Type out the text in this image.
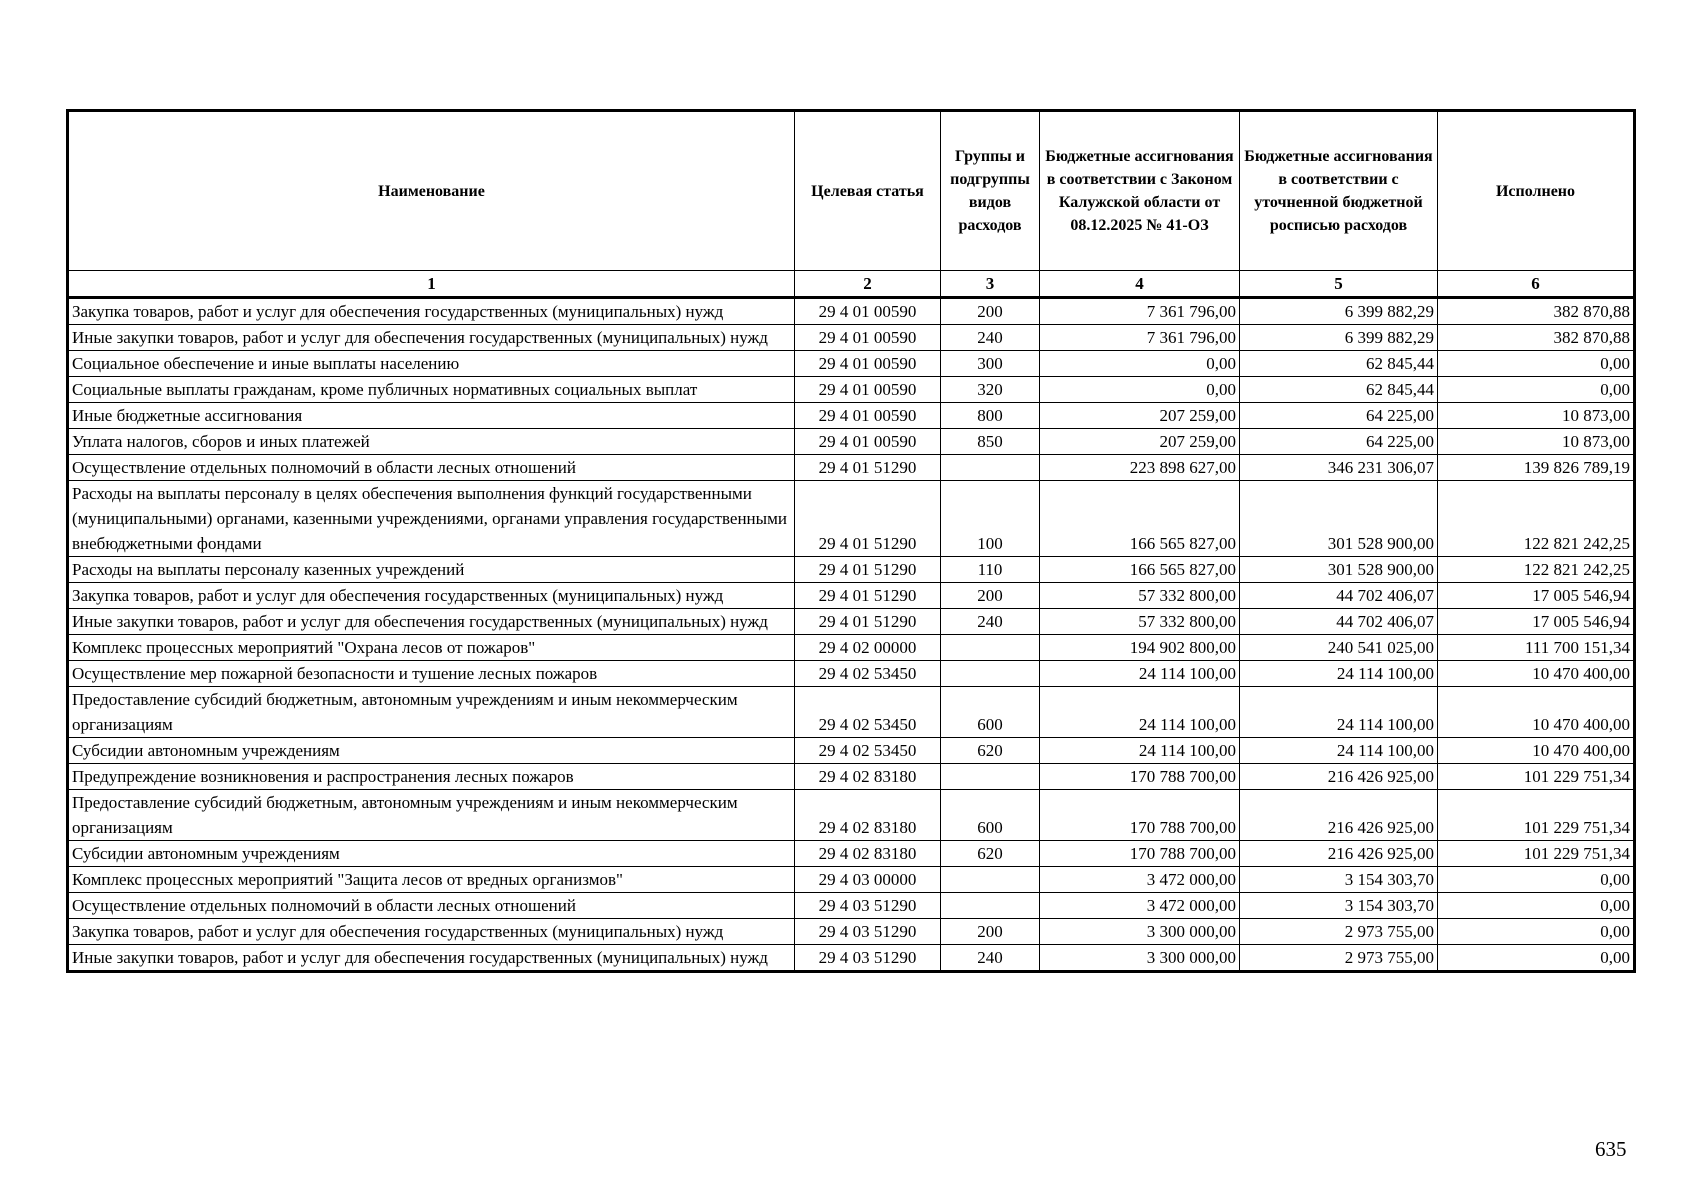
Наименование	Целевая статья	Группы и подгруппы видов расходов	Бюджетные ассигнования в соответствии с Законом Калужской области от 08.12.2025 № 41-ОЗ	Бюджетные ассигнования в соответствии с уточненной бюджетной росписью расходов	Исполнено
1	2	3	4	5	6
Закупка товаров, работ и услуг для обеспечения государственных (муниципальных) нужд	29 4 01 00590	200	7 361 796,00	6 399 882,29	382 870,88
Иные закупки товаров, работ и услуг для обеспечения государственных (муниципальных) нужд	29 4 01 00590	240	7 361 796,00	6 399 882,29	382 870,88
Социальное обеспечение и иные выплаты населению	29 4 01 00590	300	0,00	62 845,44	0,00
Социальные выплаты гражданам, кроме публичных нормативных социальных выплат	29 4 01 00590	320	0,00	62 845,44	0,00
Иные бюджетные ассигнования	29 4 01 00590	800	207 259,00	64 225,00	10 873,00
Уплата налогов, сборов и иных платежей	29 4 01 00590	850	207 259,00	64 225,00	10 873,00
Осуществление отдельных полномочий в области лесных отношений	29 4 01 51290		223 898 627,00	346 231 306,07	139 826 789,19
Расходы на выплаты персоналу в целях обеспечения выполнения функций государственными (муниципальными) органами, казенными учреждениями, органами управления государственными внебюджетными фондами	29 4 01 51290	100	166 565 827,00	301 528 900,00	122 821 242,25
Расходы на выплаты персоналу казенных учреждений	29 4 01 51290	110	166 565 827,00	301 528 900,00	122 821 242,25
Закупка товаров, работ и услуг для обеспечения государственных (муниципальных) нужд	29 4 01 51290	200	57 332 800,00	44 702 406,07	17 005 546,94
Иные закупки товаров, работ и услуг для обеспечения государственных (муниципальных) нужд	29 4 01 51290	240	57 332 800,00	44 702 406,07	17 005 546,94
Комплекс процессных мероприятий "Охрана лесов от пожаров"	29 4 02 00000		194 902 800,00	240 541 025,00	111 700 151,34
Осуществление мер пожарной безопасности и тушение лесных пожаров	29 4 02 53450		24 114 100,00	24 114 100,00	10 470 400,00
Предоставление субсидий бюджетным, автономным учреждениям и иным некоммерческим организациям	29 4 02 53450	600	24 114 100,00	24 114 100,00	10 470 400,00
Субсидии автономным учреждениям	29 4 02 53450	620	24 114 100,00	24 114 100,00	10 470 400,00
Предупреждение возникновения и распространения лесных пожаров	29 4 02 83180		170 788 700,00	216 426 925,00	101 229 751,34
Предоставление субсидий бюджетным, автономным учреждениям и иным некоммерческим организациям	29 4 02 83180	600	170 788 700,00	216 426 925,00	101 229 751,34
Субсидии автономным учреждениям	29 4 02 83180	620	170 788 700,00	216 426 925,00	101 229 751,34
Комплекс процессных мероприятий "Защита лесов от вредных организмов"	29 4 03 00000		3 472 000,00	3 154 303,70	0,00
Осуществление отдельных полномочий в области лесных отношений	29 4 03 51290		3 472 000,00	3 154 303,70	0,00
Закупка товаров, работ и услуг для обеспечения государственных (муниципальных) нужд	29 4 03 51290	200	3 300 000,00	2 973 755,00	0,00
Иные закупки товаров, работ и услуг для обеспечения государственных (муниципальных) нужд	29 4 03 51290	240	3 300 000,00	2 973 755,00	0,00
635
